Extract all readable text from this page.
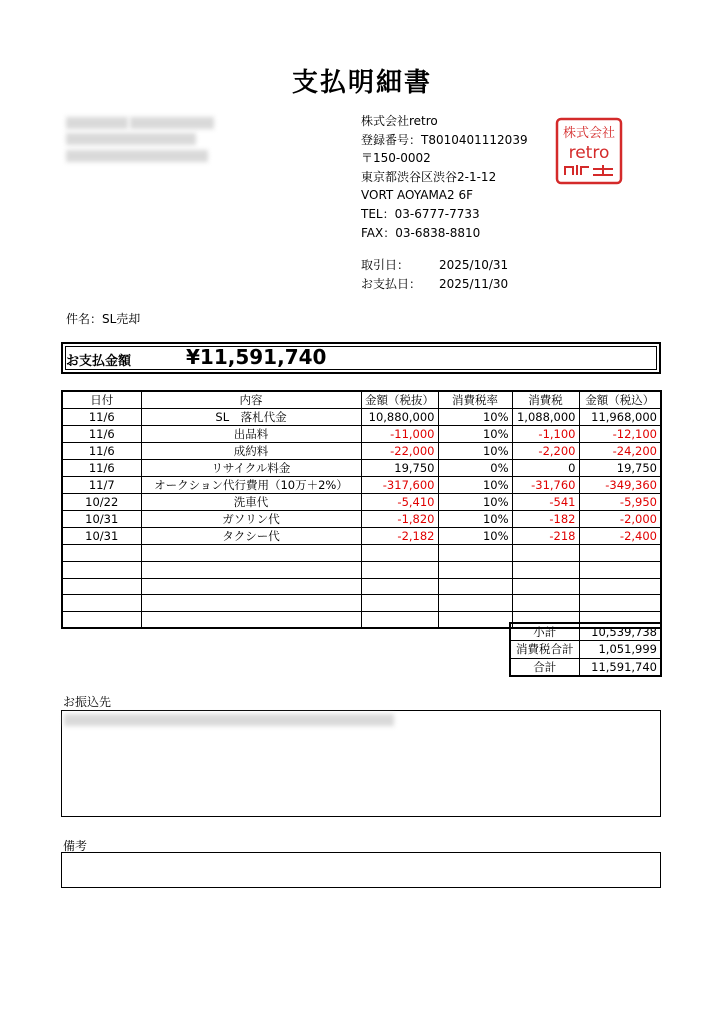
支払明細書
株式会社retro
登録番号：T8010401112039
〒150-0002
東京都渋谷区渋谷2-1-12
VORT AOYAMA2 6F
TEL：03-6777-7733
FAX：03-6838-8810
株式会社
retro
取引日：	2025/10/31
お支払日：	2025/11/30
件名：SL売却
お支払金額	¥11,591,740
日付	内容	金額（税抜）	消費税率	消費税	金額（税込）
11/6	SL　落札代金	10,880,000	10%	1,088,000	11,968,000
11/6	出品料	-11,000	10%	-1,100	-12,100
11/6	成約料	-22,000	10%	-2,200	-24,200
11/6	リサイクル料金	19,750	0%	0	19,750
11/7	オークション代行費用（10万＋2%）	-317,600	10%	-31,760	-349,360
10/22	洗車代	-5,410	10%	-541	-5,950
10/31	ガソリン代	-1,820	10%	-182	-2,000
10/31	タクシー代	-2,182	10%	-218	-2,400

小計	10,539,738
消費税合計	1,051,999
合計	11,591,740
お振込先
備考
